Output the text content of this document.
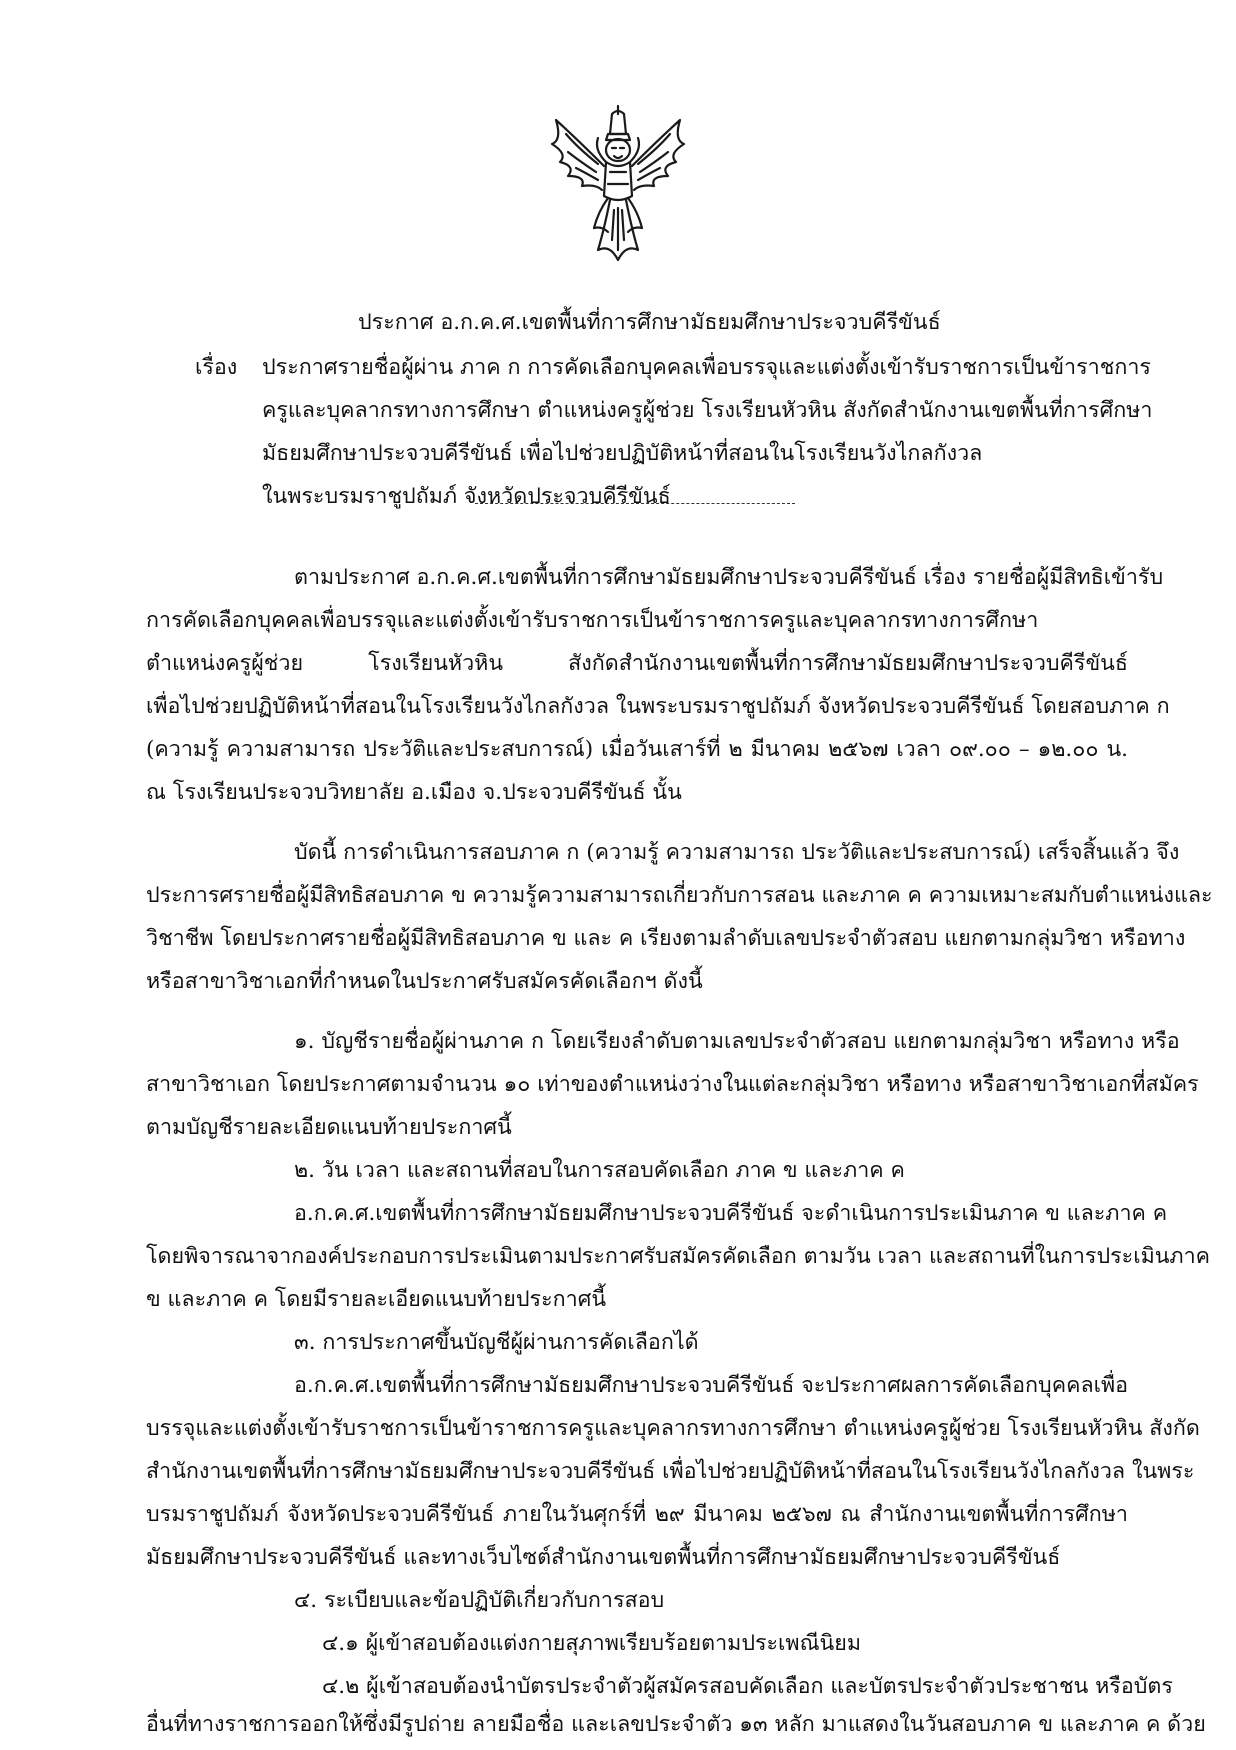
ประกาศ อ.ก.ค.ศ.เขตพื้นที่การศึกษามัธยมศึกษาประจวบคีรีขันธ์
เรื่อง ประกาศรายชื่อผู้ผ่าน ภาค ก การคัดเลือกบุคคลเพื่อบรรจุและแต่งตั้งเข้ารับราชการเป็นข้าราชการ
ครูและบุคลากรทางการศึกษา ตำแหน่งครูผู้ช่วย โรงเรียนหัวหิน สังกัดสำนักงานเขตพื้นที่การศึกษา
มัธยมศึกษาประจวบคีรีขันธ์ เพื่อไปช่วยปฏิบัติหน้าที่สอนในโรงเรียนวังไกลกังวล
ในพระบรมราชูปถัมภ์ จังหวัดประจวบคีรีขันธ์
ตามประกาศ อ.ก.ค.ศ.เขตพื้นที่การศึกษามัธยมศึกษาประจวบคีรีขันธ์ เรื่อง รายชื่อผู้มีสิทธิเข้ารับ
การคัดเลือกบุคคลเพื่อบรรจุและแต่งตั้งเข้ารับราชการเป็นข้าราชการครูและบุคลากรทางการศึกษา
ตำแหน่งครูผู้ช่วย โรงเรียนหัวหิน สังกัดสำนักงานเขตพื้นที่การศึกษามัธยมศึกษาประจวบคีรีขันธ์
เพื่อไปช่วยปฏิบัติหน้าที่สอนในโรงเรียนวังไกลกังวล ในพระบรมราชูปถัมภ์ จังหวัดประจวบคีรีขันธ์ โดยสอบภาค ก
(ความรู้ ความสามารถ ประวัติและประสบการณ์) เมื่อวันเสาร์ที่ ๒ มีนาคม ๒๕๖๗ เวลา ๐๙.๐๐ – ๑๒.๐๐ น.
ณ โรงเรียนประจวบวิทยาลัย อ.เมือง จ.ประจวบคีรีขันธ์ นั้น
บัดนี้ การดำเนินการสอบภาค ก (ความรู้ ความสามารถ ประวัติและประสบการณ์) เสร็จสิ้นแล้ว จึง
ประการศรายชื่อผู้มีสิทธิสอบภาค ข ความรู้ความสามารถเกี่ยวกับการสอน และภาค ค ความเหมาะสมกับตำแหน่งและ
วิชาชีพ โดยประกาศรายชื่อผู้มีสิทธิสอบภาค ข และ ค เรียงตามลำดับเลขประจำตัวสอบ แยกตามกลุ่มวิชา หรือทาง
หรือสาขาวิชาเอกที่กำหนดในประกาศรับสมัครคัดเลือกฯ ดังนี้
๑. บัญชีรายชื่อผู้ผ่านภาค ก โดยเรียงลำดับตามเลขประจำตัวสอบ แยกตามกลุ่มวิชา หรือทาง หรือ
สาขาวิชาเอก โดยประกาศตามจำนวน ๑๐ เท่าของตำแหน่งว่างในแต่ละกลุ่มวิชา หรือทาง หรือสาขาวิชาเอกที่สมัคร
ตามบัญชีรายละเอียดแนบท้ายประกาศนี้
๒. วัน เวลา และสถานที่สอบในการสอบคัดเลือก ภาค ข และภาค ค
อ.ก.ค.ศ.เขตพื้นที่การศึกษามัธยมศึกษาประจวบคีรีขันธ์ จะดำเนินการประเมินภาค ข และภาค ค
โดยพิจารณาจากองค์ประกอบการประเมินตามประกาศรับสมัครคัดเลือก ตามวัน เวลา และสถานที่ในการประเมินภาค
ข และภาค ค โดยมีรายละเอียดแนบท้ายประกาศนี้
๓. การประกาศขึ้นบัญชีผู้ผ่านการคัดเลือกได้
อ.ก.ค.ศ.เขตพื้นที่การศึกษามัธยมศึกษาประจวบคีรีขันธ์ จะประกาศผลการคัดเลือกบุคคลเพื่อ
บรรจุและแต่งตั้งเข้ารับราชการเป็นข้าราชการครูและบุคลากรทางการศึกษา ตำแหน่งครูผู้ช่วย โรงเรียนหัวหิน สังกัด
สำนักงานเขตพื้นที่การศึกษามัธยมศึกษาประจวบคีรีขันธ์ เพื่อไปช่วยปฏิบัติหน้าที่สอนในโรงเรียนวังไกลกังวล ในพระ
บรมราชูปถัมภ์ จังหวัดประจวบคีรีขันธ์ ภายในวันศุกร์ที่ ๒๙ มีนาคม ๒๕๖๗ ณ สำนักงานเขตพื้นที่การศึกษา
มัธยมศึกษาประจวบคีรีขันธ์ และทางเว็บไซต์สำนักงานเขตพื้นที่การศึกษามัธยมศึกษาประจวบคีรีขันธ์
๔. ระเบียบและข้อปฏิบัติเกี่ยวกับการสอบ
๔.๑ ผู้เข้าสอบต้องแต่งกายสุภาพเรียบร้อยตามประเพณีนิยม
๔.๒ ผู้เข้าสอบต้องนำบัตรประจำตัวผู้สมัครสอบคัดเลือก และบัตรประจำตัวประชาชน หรือบัตร
อื่นที่ทางราชการออกให้ซึ่งมีรูปถ่าย ลายมือชื่อ และเลขประจำตัว ๑๓ หลัก มาแสดงในวันสอบภาค ข และภาค ค ด้วย
